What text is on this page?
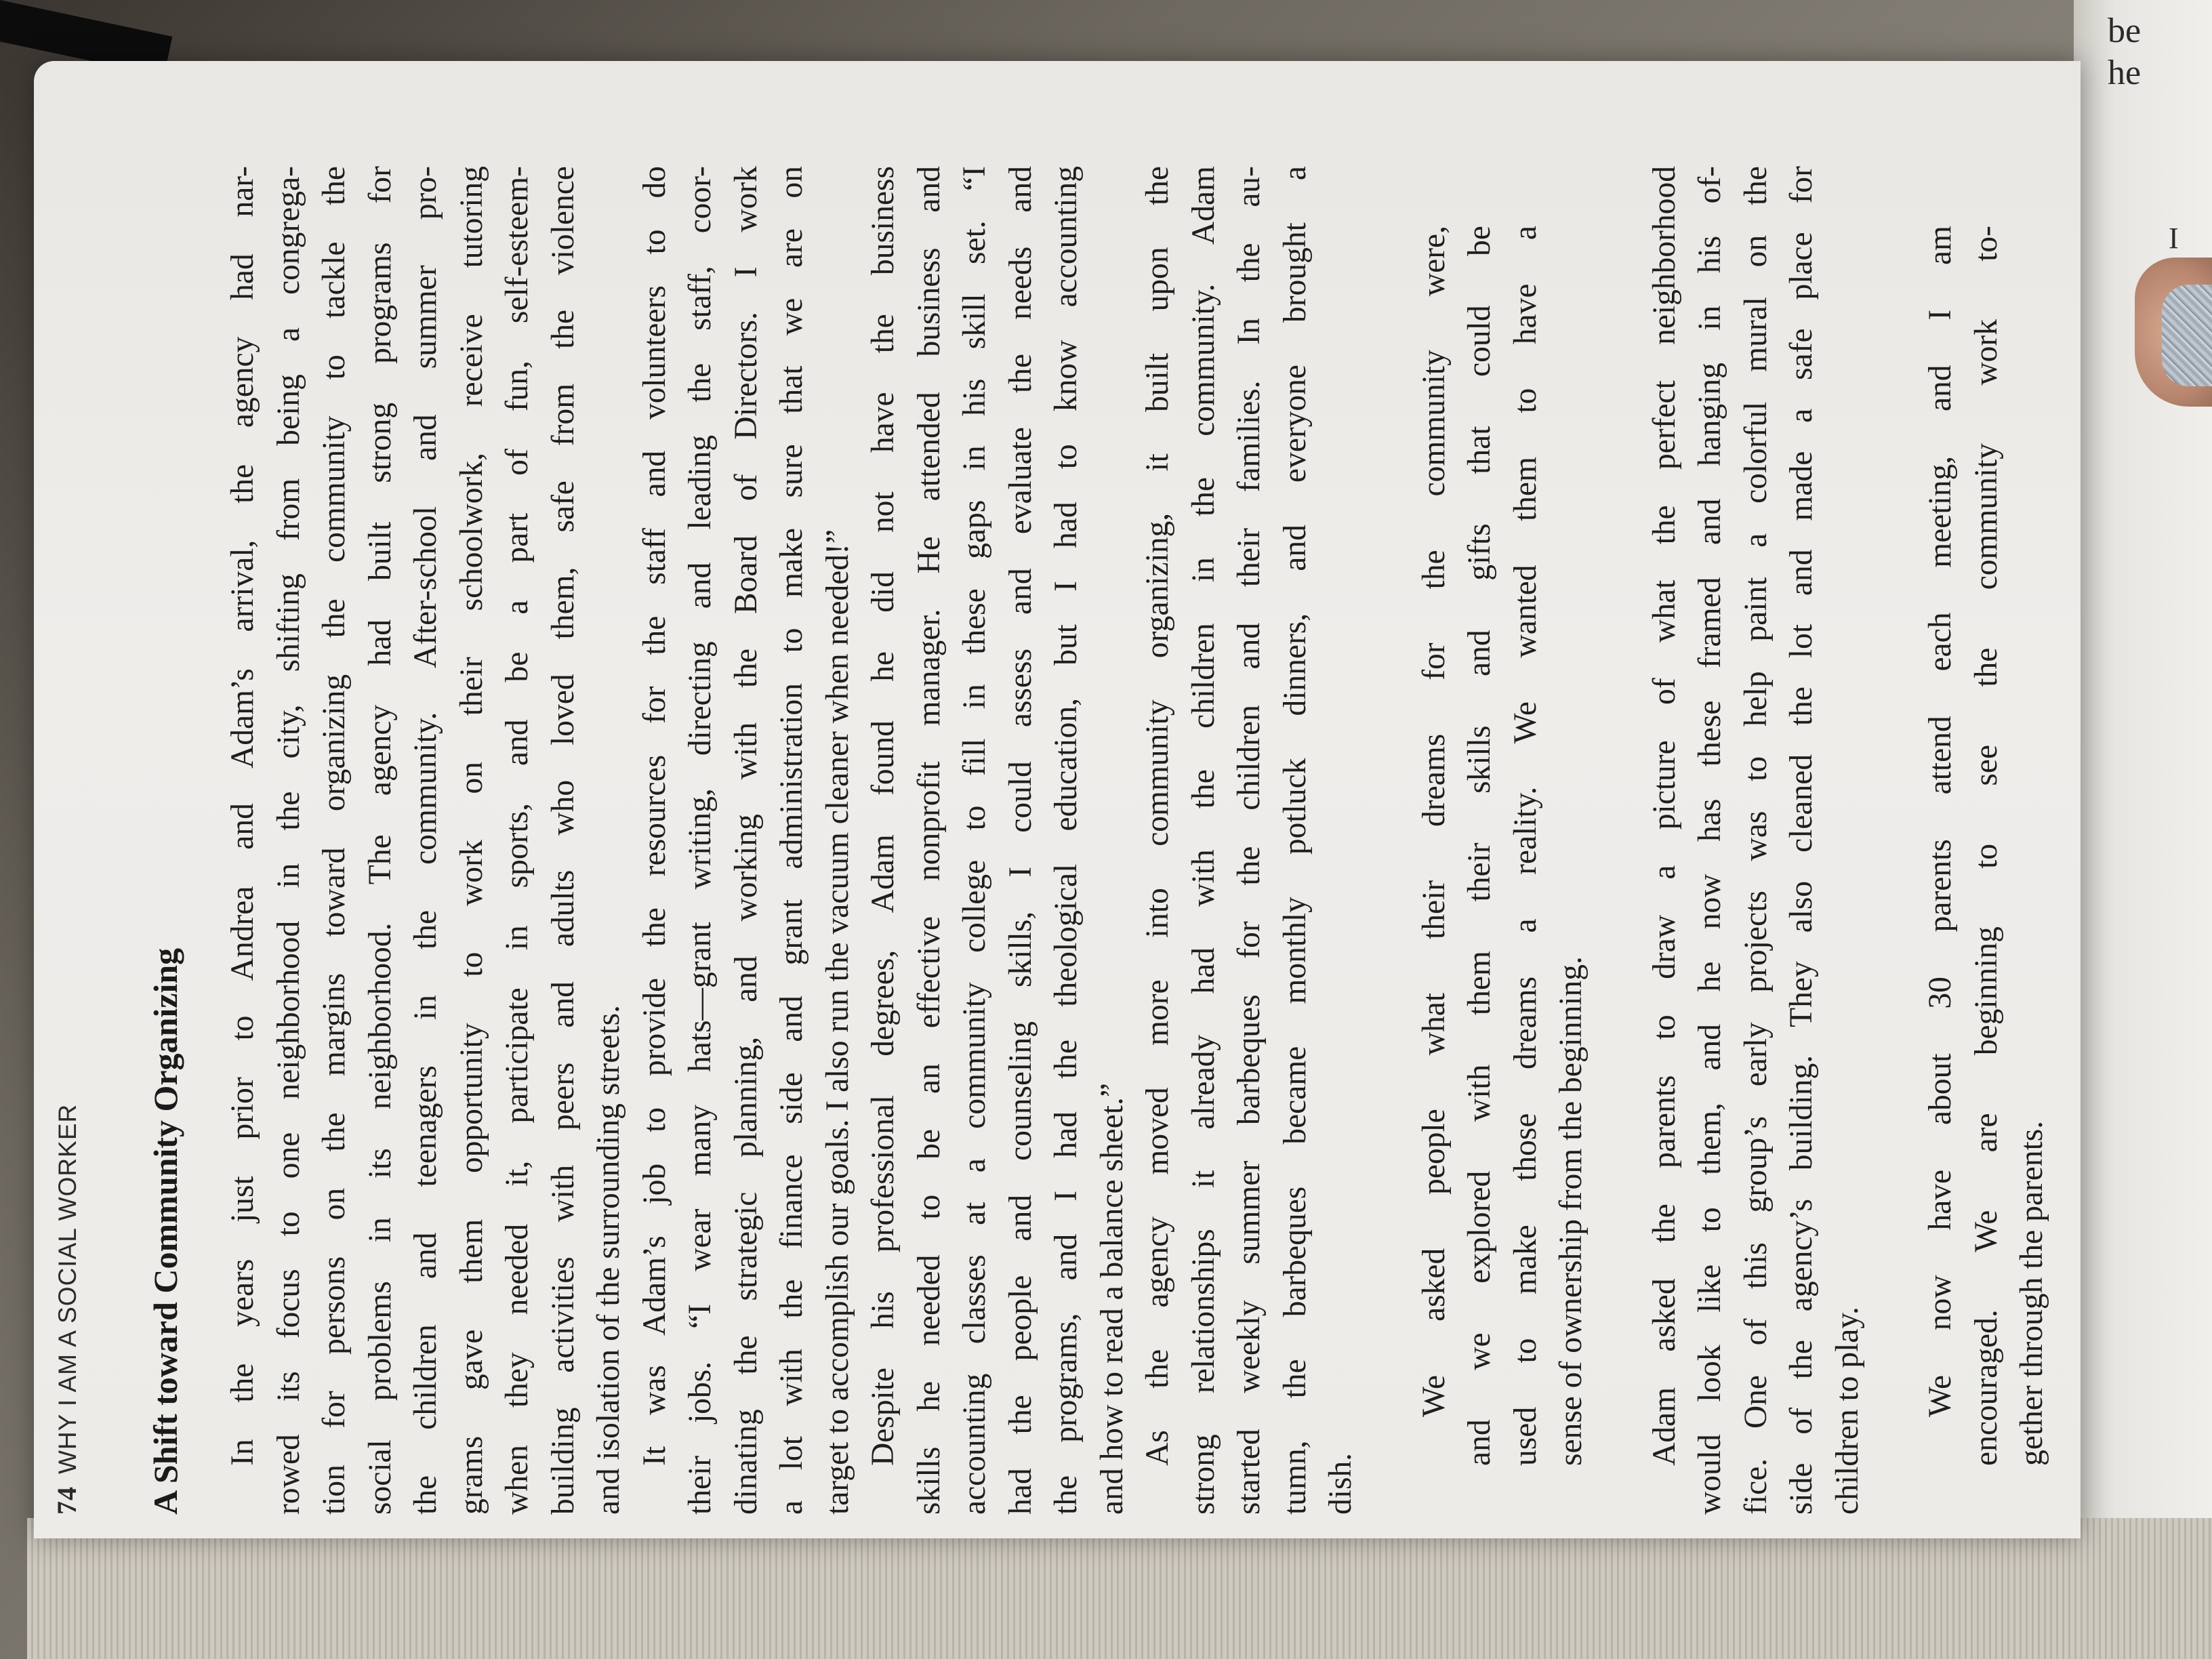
be
he
I
74WHY I AM A SOCIAL WORKER A Shift toward Community Organizing In the years just prior to Andrea and Adam’s arrival, the agency had nar- rowed its focus to one neighborhood in the city, shifting from being a congrega- tion for persons on the margins toward organizing the community to tackle the social problems in its neighborhood. The agency had built strong programs for the children and teenagers in the community. After-school and summer pro- grams gave them opportunity to work on their schoolwork, receive tutoring when they needed it, participate in sports, and be a part of fun, self-esteem- building activities with peers and adults who loved them, safe from the violence and isolation of the surrounding streets. It was Adam’s job to provide the resources for the staff and volunteers to do their jobs. “I wear many hats—grant writing, directing and leading the staff, coor- dinating the strategic planning, and working with the Board of Directors. I work a lot with the finance side and grant administration to make sure that we are on target to accomplish our goals. I also run the vacuum cleaner when needed!” Despite his professional degrees, Adam found he did not have the business skills he needed to be an effective nonprofit manager. He attended business and accounting classes at a community college to fill in these gaps in his skill set. “I had the people and counseling skills, I could assess and evaluate the needs and the programs, and I had the theological education, but I had to know accounting and how to read a balance sheet.” As the agency moved more into community organizing, it built upon the strong relationships it already had with the children in the community. Adam started weekly summer barbeques for the children and their families. In the au- tumn, the barbeques became monthly potluck dinners, and everyone brought a dish.
We asked people what their dreams for the community were, and we explored with them their skills and gifts that could be used to make those dreams a reality. We wanted them to have a sense of ownership from the beginning. Adam asked the parents to draw a picture of what the perfect neighborhood would look like to them, and he now has these framed and hanging in his of- fice. One of this group’s early projects was to help paint a colorful mural on the side of the agency’s building. They also cleaned the lot and made a safe place for children to play. We now have about 30 parents attend each meeting, and I am encouraged. We are beginning to see the community work to- gether through the parents.
